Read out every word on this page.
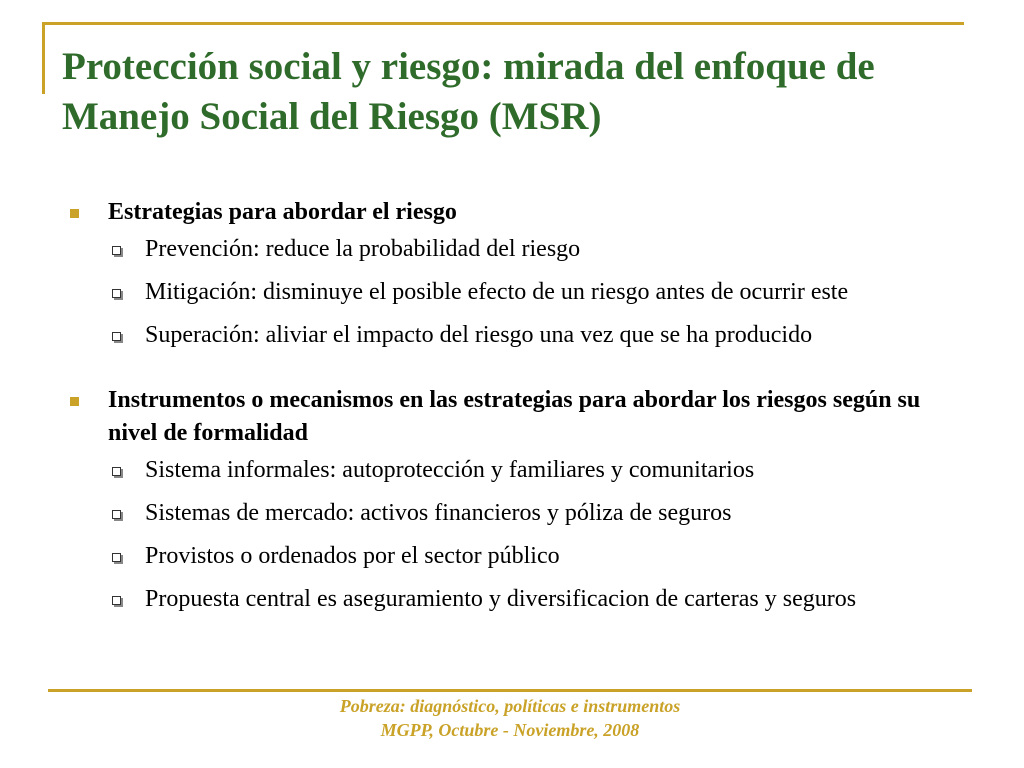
Protección social y riesgo: mirada del enfoque de Manejo Social del Riesgo (MSR)
Estrategias para abordar el riesgo
Prevención: reduce la probabilidad del riesgo
Mitigación: disminuye el posible efecto de un riesgo antes de ocurrir este
Superación: aliviar el impacto del riesgo una vez que se ha producido
Instrumentos o mecanismos en las estrategias para abordar los riesgos según su nivel de formalidad
Sistema informales: autoprotección y familiares y comunitarios
Sistemas de mercado: activos financieros y póliza de seguros
Provistos o ordenados por el sector público
Propuesta central es aseguramiento y diversificacion de carteras y seguros
Pobreza: diagnóstico, políticas e instrumentos
MGPP, Octubre - Noviembre, 2008
